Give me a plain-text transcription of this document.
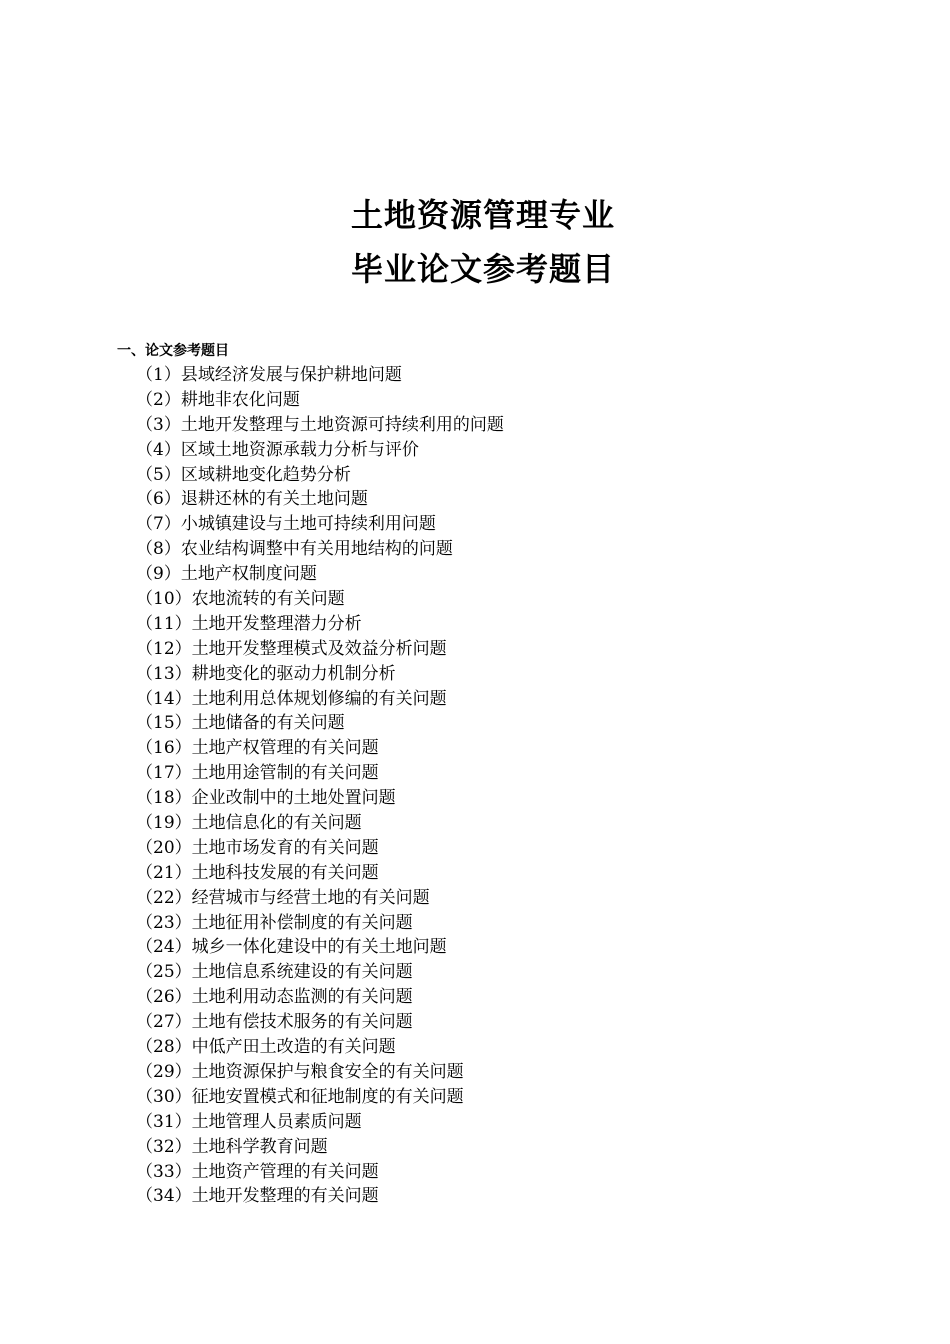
土地资源管理专业
毕业论文参考题目
一、论文参考题目
（1）县域经济发展与保护耕地问题
（2）耕地非农化问题
（3）土地开发整理与土地资源可持续利用的问题
（4）区域土地资源承载力分析与评价
（5）区域耕地变化趋势分析
（6）退耕还林的有关土地问题
（7）小城镇建设与土地可持续利用问题
（8）农业结构调整中有关用地结构的问题
（9）土地产权制度问题
（10）农地流转的有关问题
（11）土地开发整理潜力分析
（12）土地开发整理模式及效益分析问题
（13）耕地变化的驱动力机制分析
（14）土地利用总体规划修编的有关问题
（15）土地储备的有关问题
（16）土地产权管理的有关问题
（17）土地用途管制的有关问题
（18）企业改制中的土地处置问题
（19）土地信息化的有关问题
（20）土地市场发育的有关问题
（21）土地科技发展的有关问题
（22）经营城市与经营土地的有关问题
（23）土地征用补偿制度的有关问题
（24）城乡一体化建设中的有关土地问题
（25）土地信息系统建设的有关问题
（26）土地利用动态监测的有关问题
（27）土地有偿技术服务的有关问题
（28）中低产田土改造的有关问题
（29）土地资源保护与粮食安全的有关问题
（30）征地安置模式和征地制度的有关问题
（31）土地管理人员素质问题
（32）土地科学教育问题
（33）土地资产管理的有关问题
（34）土地开发整理的有关问题
